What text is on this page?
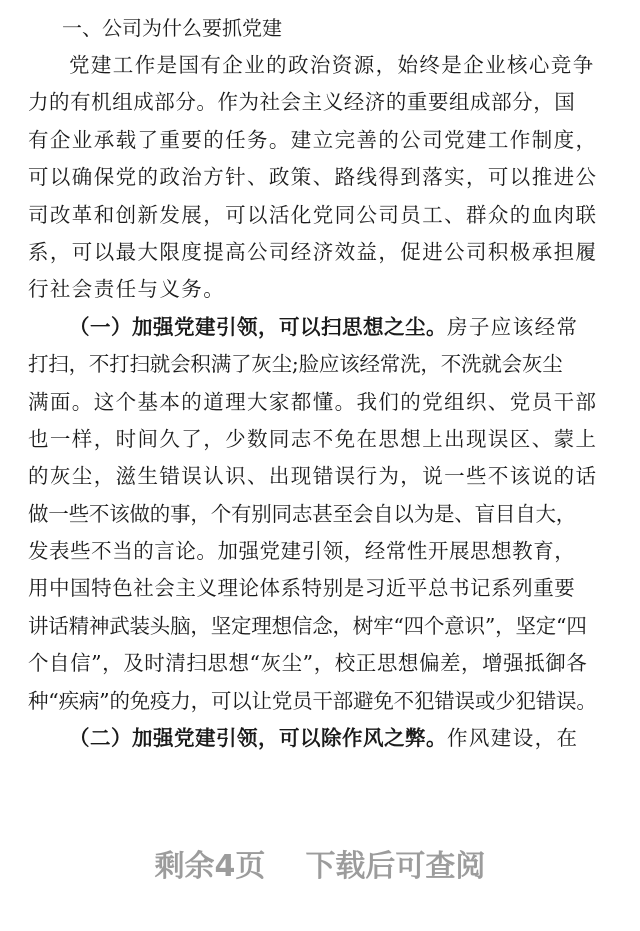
一、公司为什么要抓党建
党建工作是国有企业的政治资源，始终是企业核心竞争
力的有机组成部分。作为社会主义经济的重要组成部分，国
有企业承载了重要的任务。建立完善的公司党建工作制度，
可以确保党的政治方针、政策、路线得到落实，可以推进公
司改革和创新发展，可以活化党同公司员工、群众的血肉联
系，可以最大限度提高公司经济效益，促进公司积极承担履
行社会责任与义务。
（一）加强党建引领，可以扫思想之尘。房子应该经常
打扫，不打扫就会积满了灰尘;脸应该经常洗，不洗就会灰尘
满面。这个基本的道理大家都懂。我们的党组织、党员干部
也一样，时间久了，少数同志不免在思想上出现误区、蒙上
的灰尘，滋生错误认识、出现错误行为，说一些不该说的话
做一些不该做的事，个有别同志甚至会自以为是、盲目自大，
发表些不当的言论。加强党建引领，经常性开展思想教育，
用中国特色社会主义理论体系特别是习近平总书记系列重要
讲话精神武装头脑，坚定理想信念，树牢“四个意识”，坚定“四
个自信”，及时清扫思想“灰尘”，校正思想偏差，增强抵御各
种“疾病”的免疫力，可以让党员干部避免不犯错误或少犯错误。
（二）加强党建引领，可以除作风之弊。作风建设，在
剩余4页 下载后可查阅
